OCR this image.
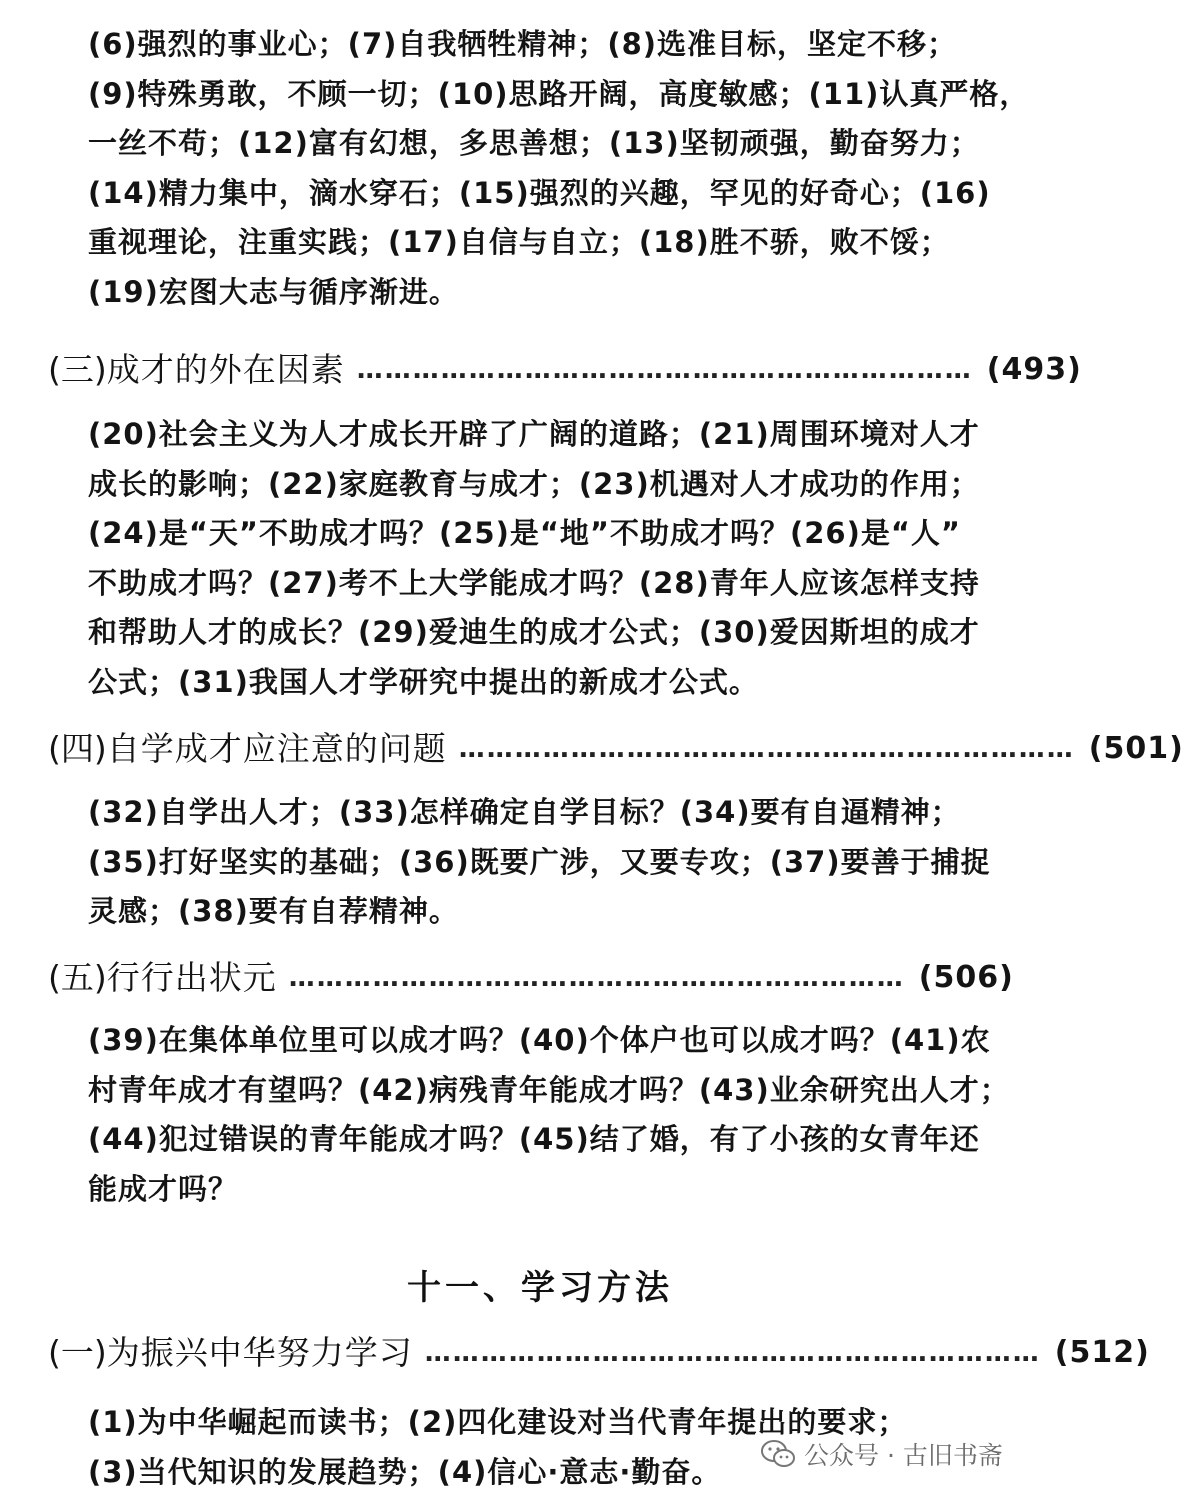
(6)强烈的事业心；(7)自我牺牲精神；(8)选准目标，坚定不移；
(9)特殊勇敢，不顾一切；(10)思路开阔，高度敏感；(11)认真严格，
一丝不苟；(12)富有幻想，多思善想；(13)坚韧顽强，勤奋努力；
(14)精力集中，滴水穿石；(15)强烈的兴趣，罕见的好奇心；(16)
重视理论，注重实践；(17)自信与自立；(18)胜不骄，败不馁；
(19)宏图大志与循序渐进。
(三) 成才的外在因素 ………………………………………………………… (493)
(20)社会主义为人才成长开辟了广阔的道路；(21)周围环境对人才
成长的影响；(22)家庭教育与成才；(23)机遇对人才成功的作用；
(24)是“天”不助成才吗？(25)是“地”不助成才吗？(26)是“人”
不助成才吗？(27)考不上大学能成才吗？(28)青年人应该怎样支持
和帮助人才的成长？(29)爱迪生的成才公式；(30)爱因斯坦的成才
公式；(31)我国人才学研究中提出的新成才公式。
(四) 自学成才应注意的问题 ………………………………………………………… (501)
(32)自学出人才；(33)怎样确定自学目标？(34)要有自逼精神；
(35)打好坚实的基础；(36)既要广涉，又要专攻；(37)要善于捕捉
灵感；(38)要有自荐精神。
(五) 行行出状元 ………………………………………………………… (506)
(39)在集体单位里可以成才吗？(40)个体户也可以成才吗？(41)农
村青年成才有望吗？(42)病残青年能成才吗？(43)业余研究出人才；
(44)犯过错误的青年能成才吗？(45)结了婚，有了小孩的女青年还
能成才吗？
十一、学习方法
(一) 为振兴中华努力学习 ………………………………………………………… (512)
(1)为中华崛起而读书；(2)四化建设对当代青年提出的要求；
(3)当代知识的发展趋势；(4)信心·意志·勤奋。	公众号 · 古旧书斋
